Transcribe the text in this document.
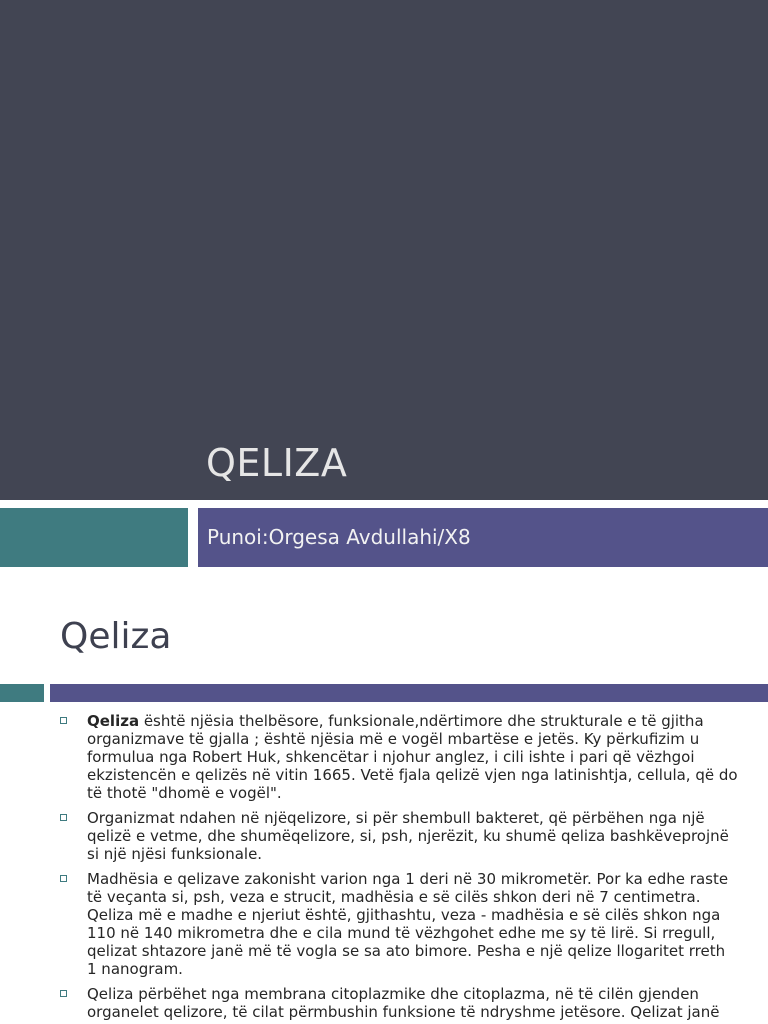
QELIZA
Punoi:Orgesa Avdullahi/X8
Qeliza
Qeliza është njësia thelbësore, funksionale,ndërtimore dhe strukturale e të gjitha organizmave të gjalla ; është njësia më e vogël mbartëse e jetës. Ky përkufizim u formulua nga Robert Huk, shkencëtar i njohur anglez, i cili ishte i pari që vëzhgoi ekzistencën e qelizës në vitin 1665. Vetë fjala qelizë vjen nga latinishtja, cellula, që do të thotë "dhomë e vogël".
Organizmat ndahen në njëqelizore, si për shembull bakteret, që përbëhen nga një qelizë e vetme, dhe shumëqelizore, si, psh, njerëzit, ku shumë qeliza bashkëveprojnë si një njësi funksionale.
Madhësia e qelizave zakonisht varion nga 1 deri në 30 mikrometër. Por ka edhe raste të veçanta si, psh, veza e strucit, madhësia e së cilës shkon deri në 7 centimetra. Qeliza më e madhe e njeriut është, gjithashtu, veza - madhësia e së cilës shkon nga 110 në 140 mikrometra dhe e cila mund të vëzhgohet edhe me sy të lirë. Si rregull, qelizat shtazore janë më të vogla se sa ato bimore. Pesha e një qelize llogaritet rreth 1 nanogram.
Qeliza përbëhet nga membrana citoplazmike dhe citoplazma, në të cilën gjenden organelet qelizore, të cilat përmbushin funksione të ndryshme jetësore. Qelizat janë
